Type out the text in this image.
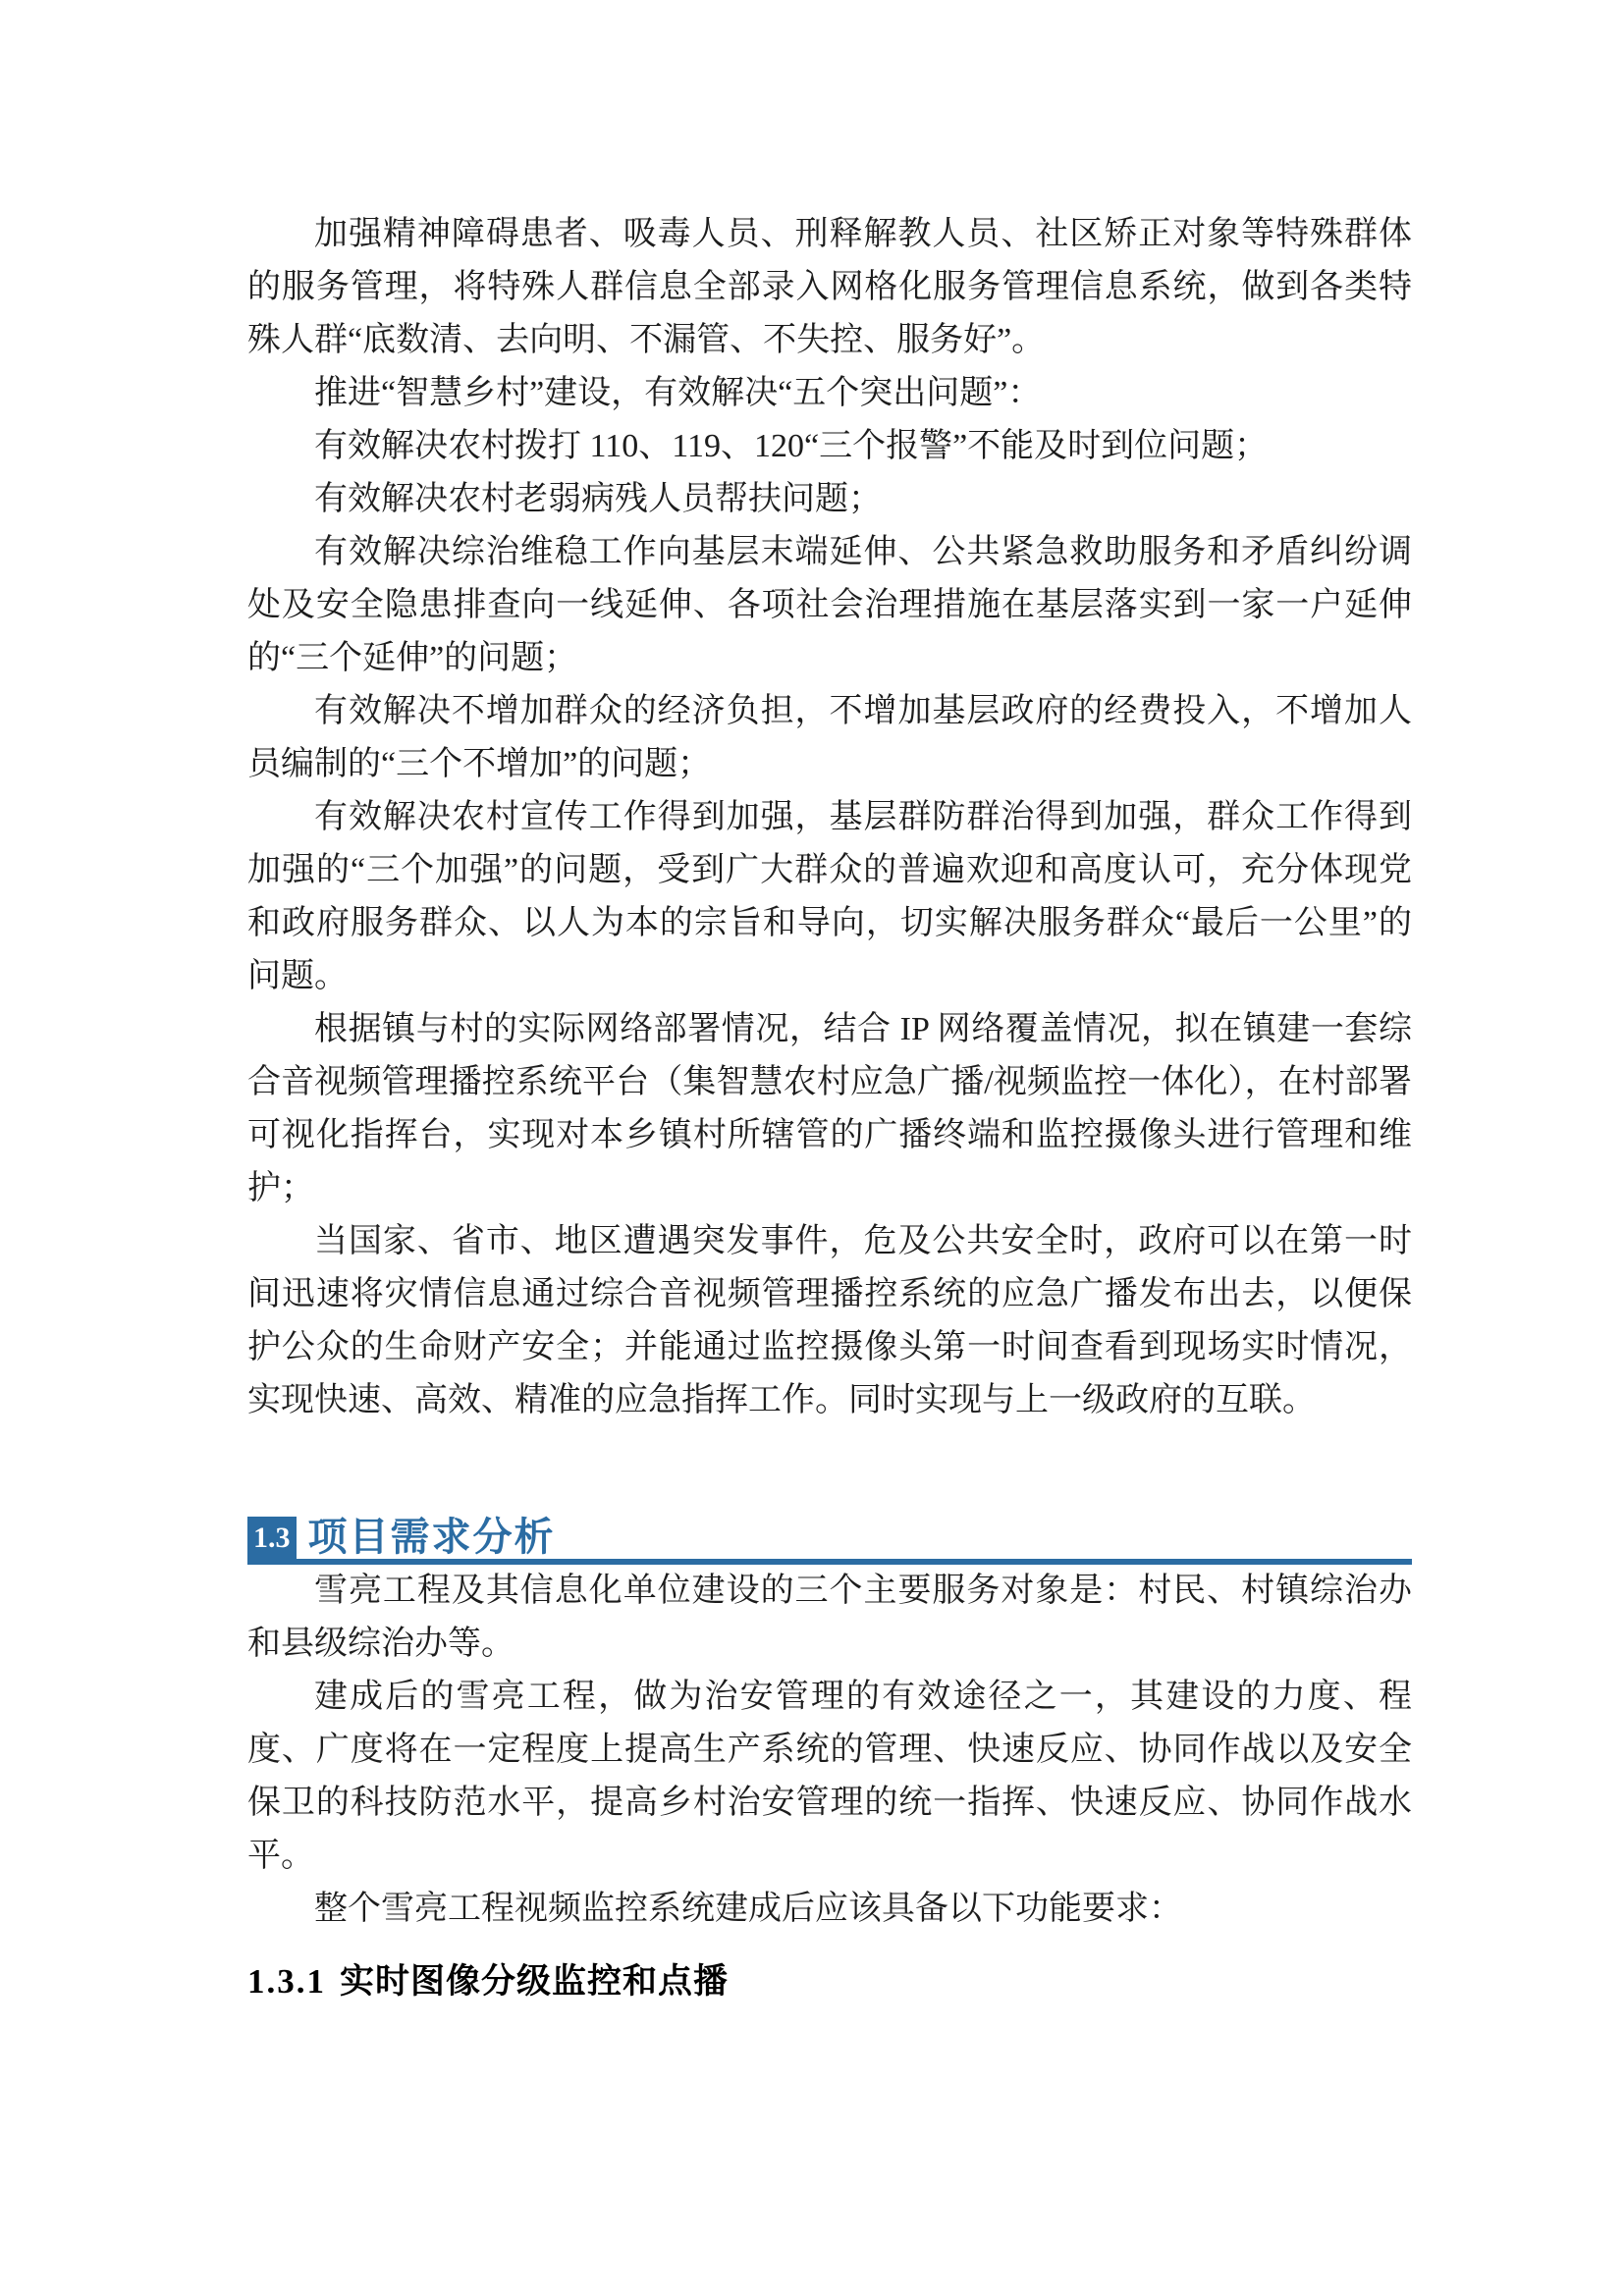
加强精神障碍患者、吸毒人员、刑释解教人员、社区矫正对象等特殊群体的服务管理，将特殊人群信息全部录入网格化服务管理信息系统，做到各类特殊人群“底数清、去向明、不漏管、不失控、服务好”。

推进“智慧乡村”建设，有效解决“五个突出问题”：

有效解决农村拨打 110、119、120“三个报警”不能及时到位问题；

有效解决农村老弱病残人员帮扶问题；

有效解决综治维稳工作向基层末端延伸、公共紧急救助服务和矛盾纠纷调处及安全隐患排查向一线延伸、各项社会治理措施在基层落实到一家一户延伸的“三个延伸”的问题；

有效解决不增加群众的经济负担，不增加基层政府的经费投入，不增加人员编制的“三个不增加”的问题；

有效解决农村宣传工作得到加强，基层群防群治得到加强，群众工作得到加强的“三个加强”的问题，受到广大群众的普遍欢迎和高度认可，充分体现党和政府服务群众、以人为本的宗旨和导向，切实解决服务群众“最后一公里”的问题。

根据镇与村的实际网络部署情况，结合 IP 网络覆盖情况，拟在镇建一套综合音视频管理播控系统平台（集智慧农村应急广播/视频监控一体化），在村部署可视化指挥台，实现对本乡镇村所辖管的广播终端和监控摄像头进行管理和维护；

当国家、省市、地区遭遇突发事件，危及公共安全时，政府可以在第一时间迅速将灾情信息通过综合音视频管理播控系统的应急广播发布出去，以便保护公众的生命财产安全；并能通过监控摄像头第一时间查看到现场实时情况，实现快速、高效、精准的应急指挥工作。同时实现与上一级政府的互联。

1.3 项目需求分析

雪亮工程及其信息化单位建设的三个主要服务对象是：村民、村镇综治办和县级综治办等。

建成后的雪亮工程，做为治安管理的有效途径之一，其建设的力度、程度、广度将在一定程度上提高生产系统的管理、快速反应、协同作战以及安全保卫的科技防范水平，提高乡村治安管理的统一指挥、快速反应、协同作战水平。

整个雪亮工程视频监控系统建成后应该具备以下功能要求：

1.3.1 实时图像分级监控和点播
